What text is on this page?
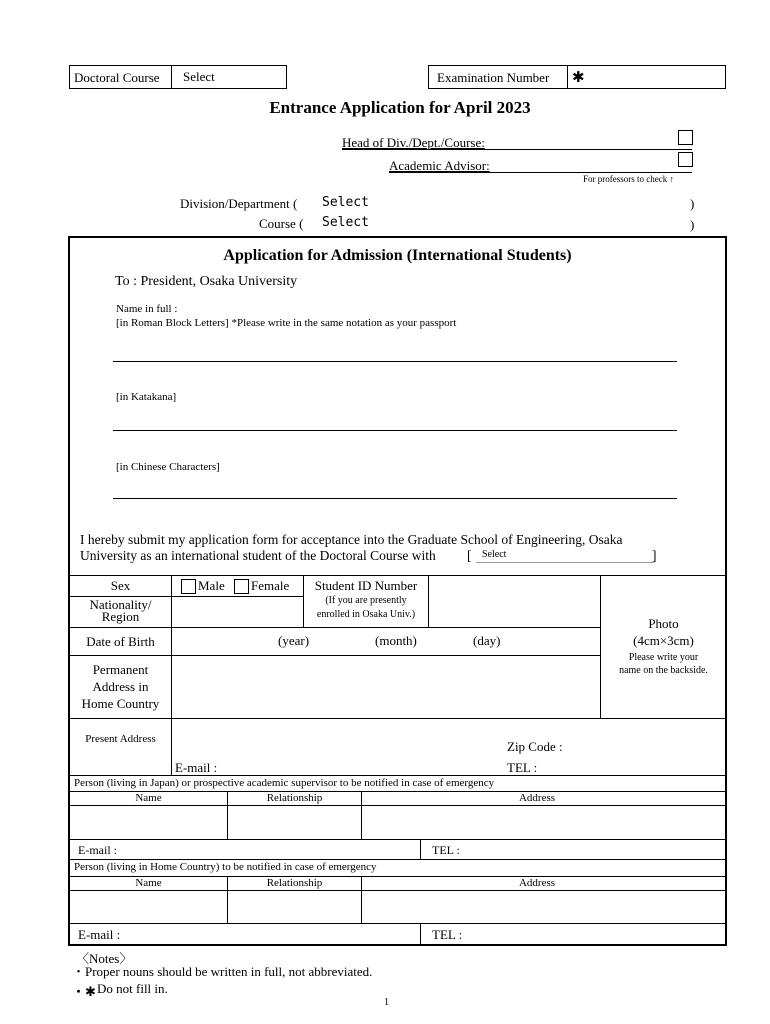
Doctoral Course Select	Examination Number ✱
Entrance Application for April 2023
Head of Div./Dept./Course:
Academic Advisor:
For professors to check ↑
Division/Department ( Select	)
Course ( Select	)
Application for Admission (International Students)
To : President, Osaka University
Name in full :
[in Roman Block Letters] *Please write in the same notation as your passport
[in Katakana]
[in Chinese Characters]
I hereby submit my application form for acceptance into the Graduate School of Engineering, Osaka
University as an international student of the Doctoral Course with [	Select	]
Sex	Male Female	Student ID Number
(If you are presently
enrolled in Osaka Univ.)
Nationality/
Region	Photo
(4cm×3cm)
Please write your
name on the backside.
Date of Birth	(year)	(month)	(day)
Permanent
Address in
Home Country
Present Address	Zip Code :
E-mail :	TEL :
Person (living in Japan) or prospective academic supervisor to be notified in case of emergency
Name	Relationship	Address
E-mail :	TEL :
Person (living in Home Country) to be notified in case of emergency
Name	Relationship	Address
E-mail :	TEL :
〈Notes〉
・Proper nouns should be written in full, not abbreviated.
・✱ Do not fill in.
1
